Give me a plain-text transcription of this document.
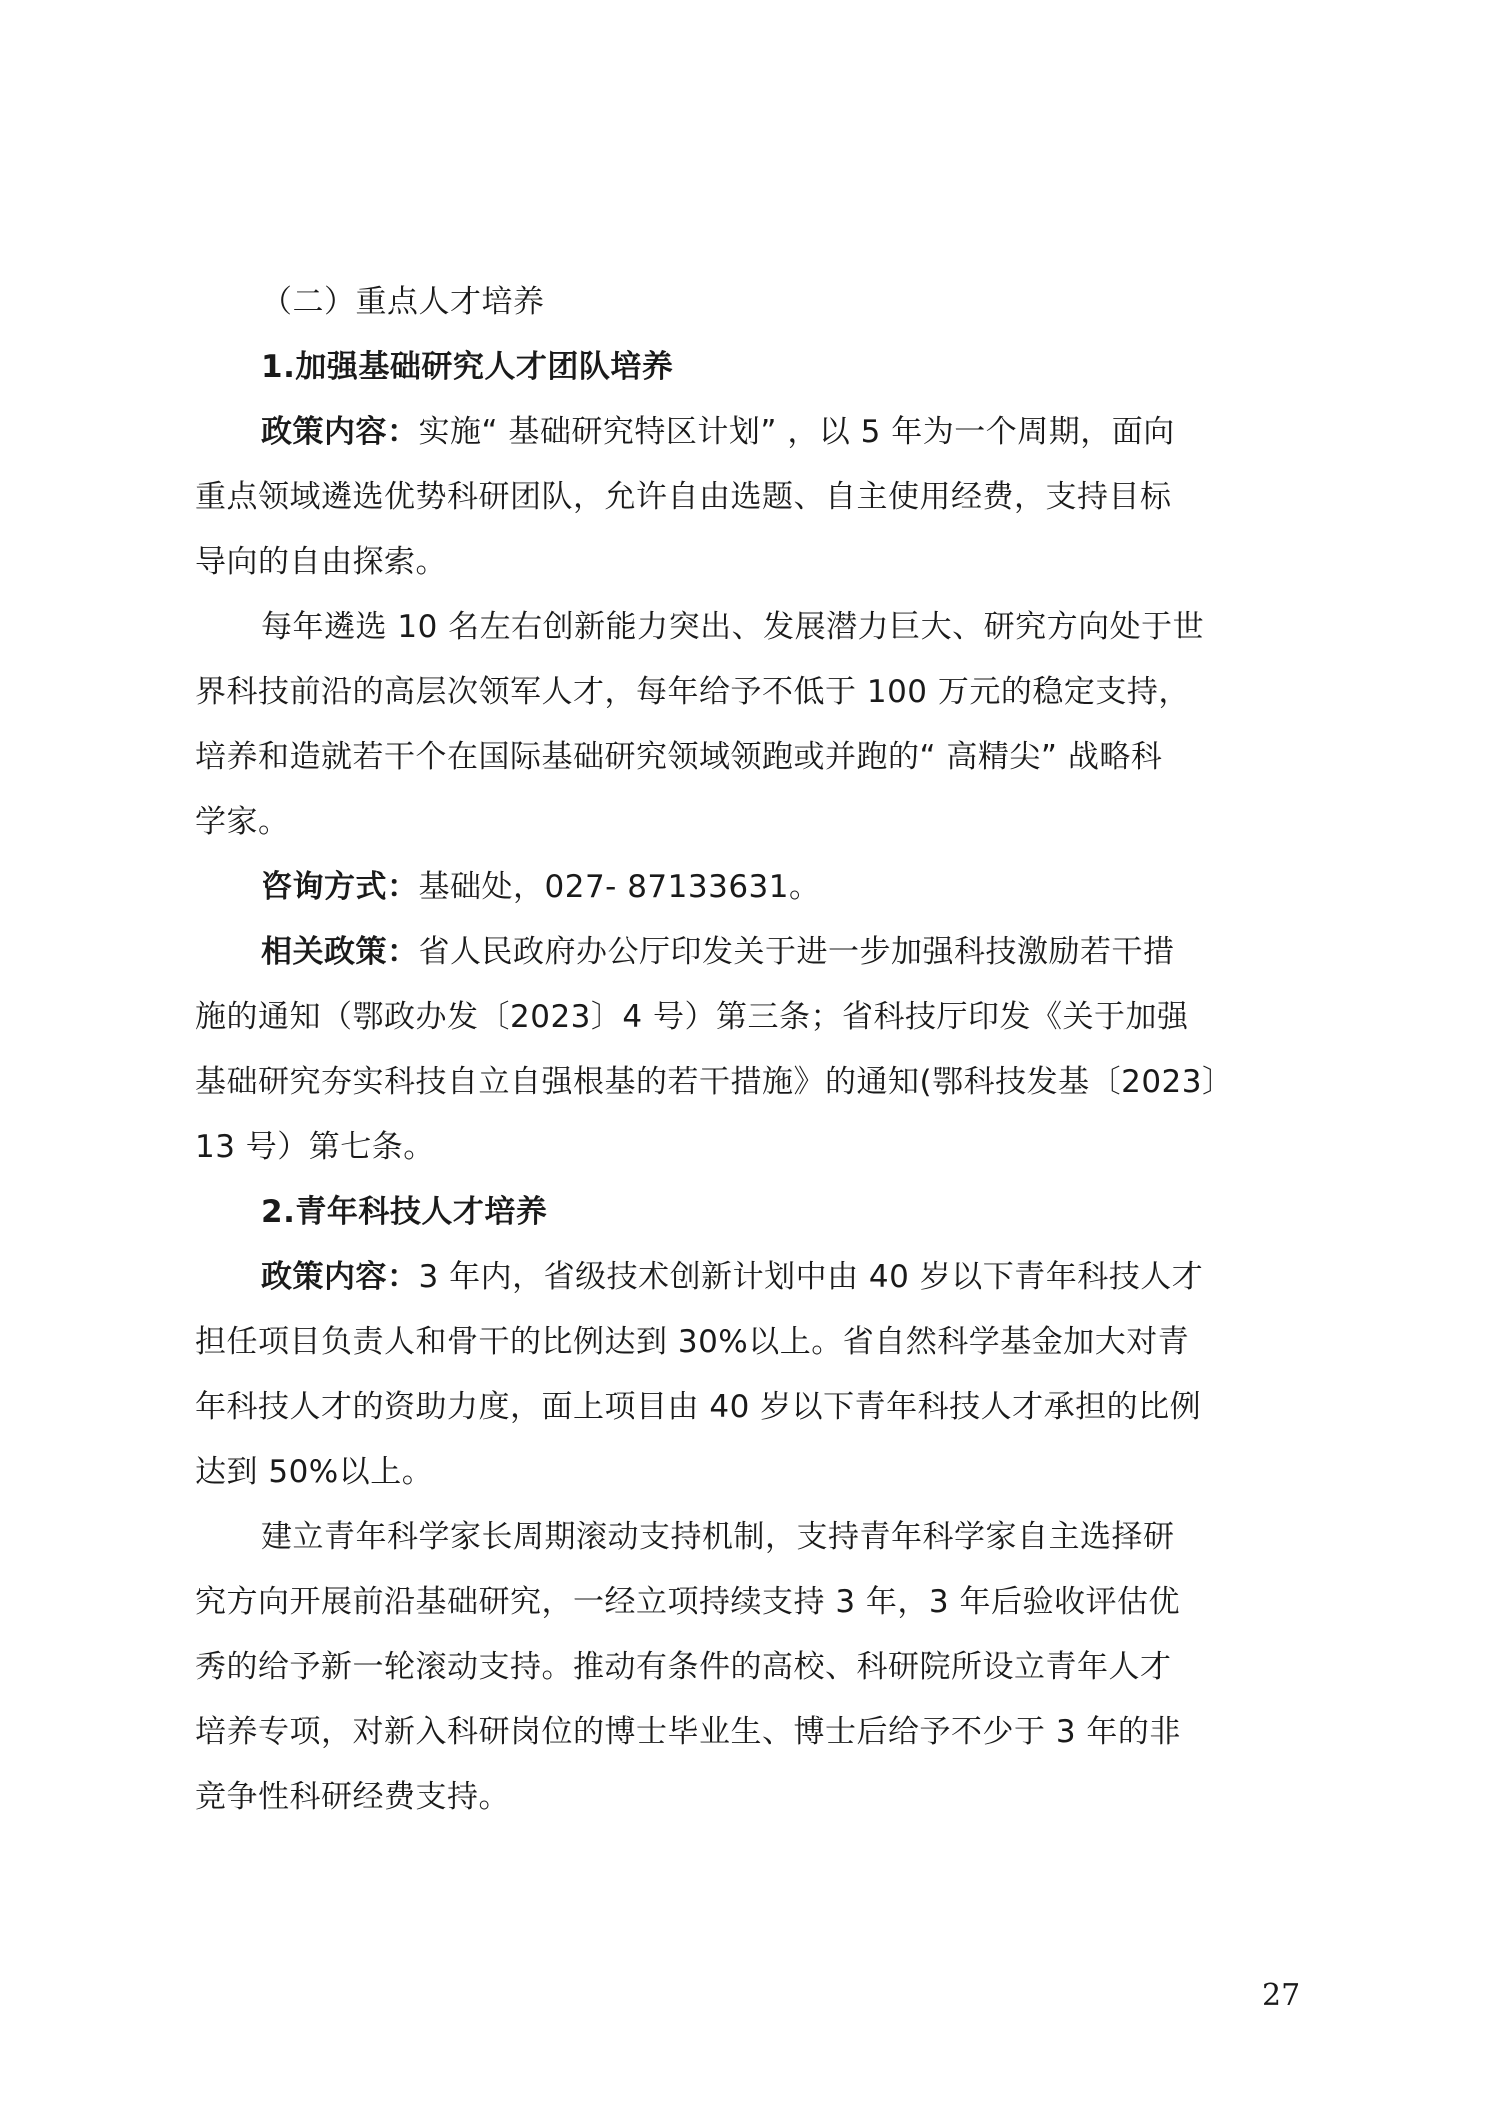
（二）重点人才培养
1.加强基础研究人才团队培养
政策内容：实施“ 基础研究特区计划” ，以 5 年为一个周期，面向
重点领域遴选优势科研团队，允许自由选题、自主使用经费，支持目标
导向的自由探索。
每年遴选 10 名左右创新能力突出、发展潜力巨大、研究方向处于世
界科技前沿的高层次领军人才，每年给予不低于 100 万元的稳定支持，
培养和造就若干个在国际基础研究领域领跑或并跑的“ 高精尖” 战略科
学家。
咨询方式：基础处，027- 87133631。
相关政策：省人民政府办公厅印发关于进一步加强科技激励若干措
施的通知（鄂政办发〔2023〕4 号）第三条；省科技厅印发《关于加强
基础研究夯实科技自立自强根基的若干措施》的通知(鄂科技发基〔2023〕
13 号）第七条。
2.青年科技人才培养
政策内容：3 年内，省级技术创新计划中由 40 岁以下青年科技人才
担任项目负责人和骨干的比例达到 30%以上。省自然科学基金加大对青
年科技人才的资助力度，面上项目由 40 岁以下青年科技人才承担的比例
达到 50%以上。
建立青年科学家长周期滚动支持机制，支持青年科学家自主选择研
究方向开展前沿基础研究，一经立项持续支持 3 年，3 年后验收评估优
秀的给予新一轮滚动支持。推动有条件的高校、科研院所设立青年人才
培养专项，对新入科研岗位的博士毕业生、博士后给予不少于 3 年的非
竞争性科研经费支持。
27
